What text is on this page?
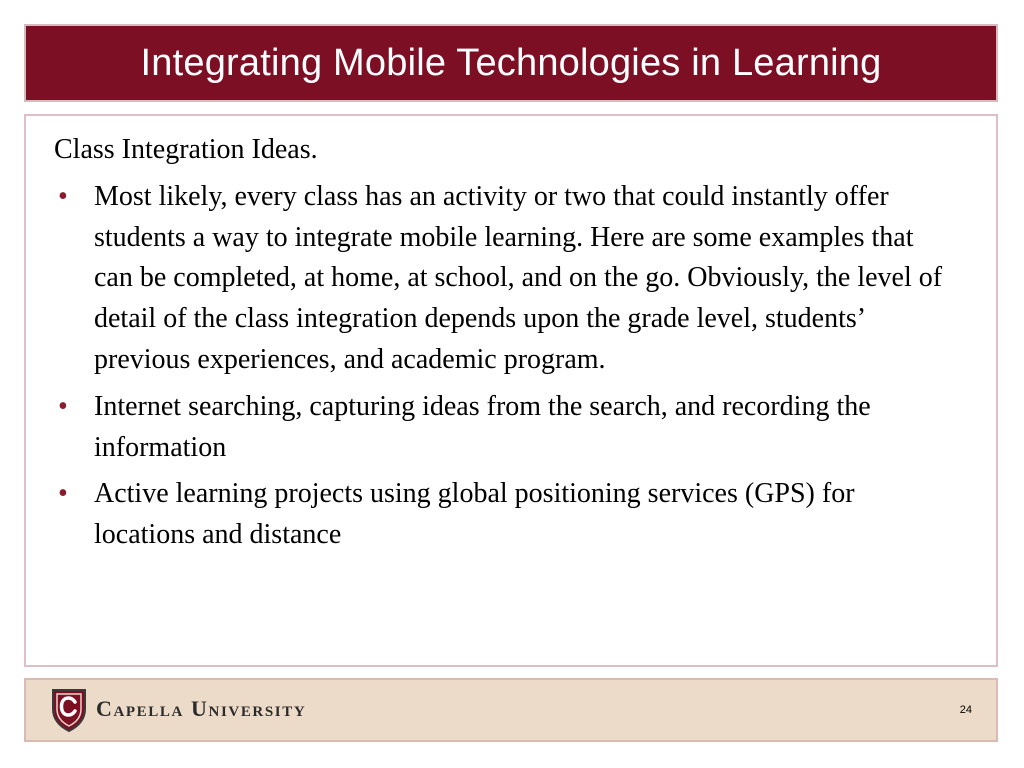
Integrating Mobile Technologies in Learning
Class Integration Ideas.
• Most likely, every class has an activity or two that could instantly offer students a way to integrate mobile learning. Here are some examples that can be completed, at home, at school, and on the go. Obviously, the level of detail of the class integration depends upon the grade level, students’ previous experiences, and academic program.
• Internet searching, capturing ideas from the search, and recording the information
• Active learning projects using global positioning services (GPS) for locations and distance
Capella University	24
